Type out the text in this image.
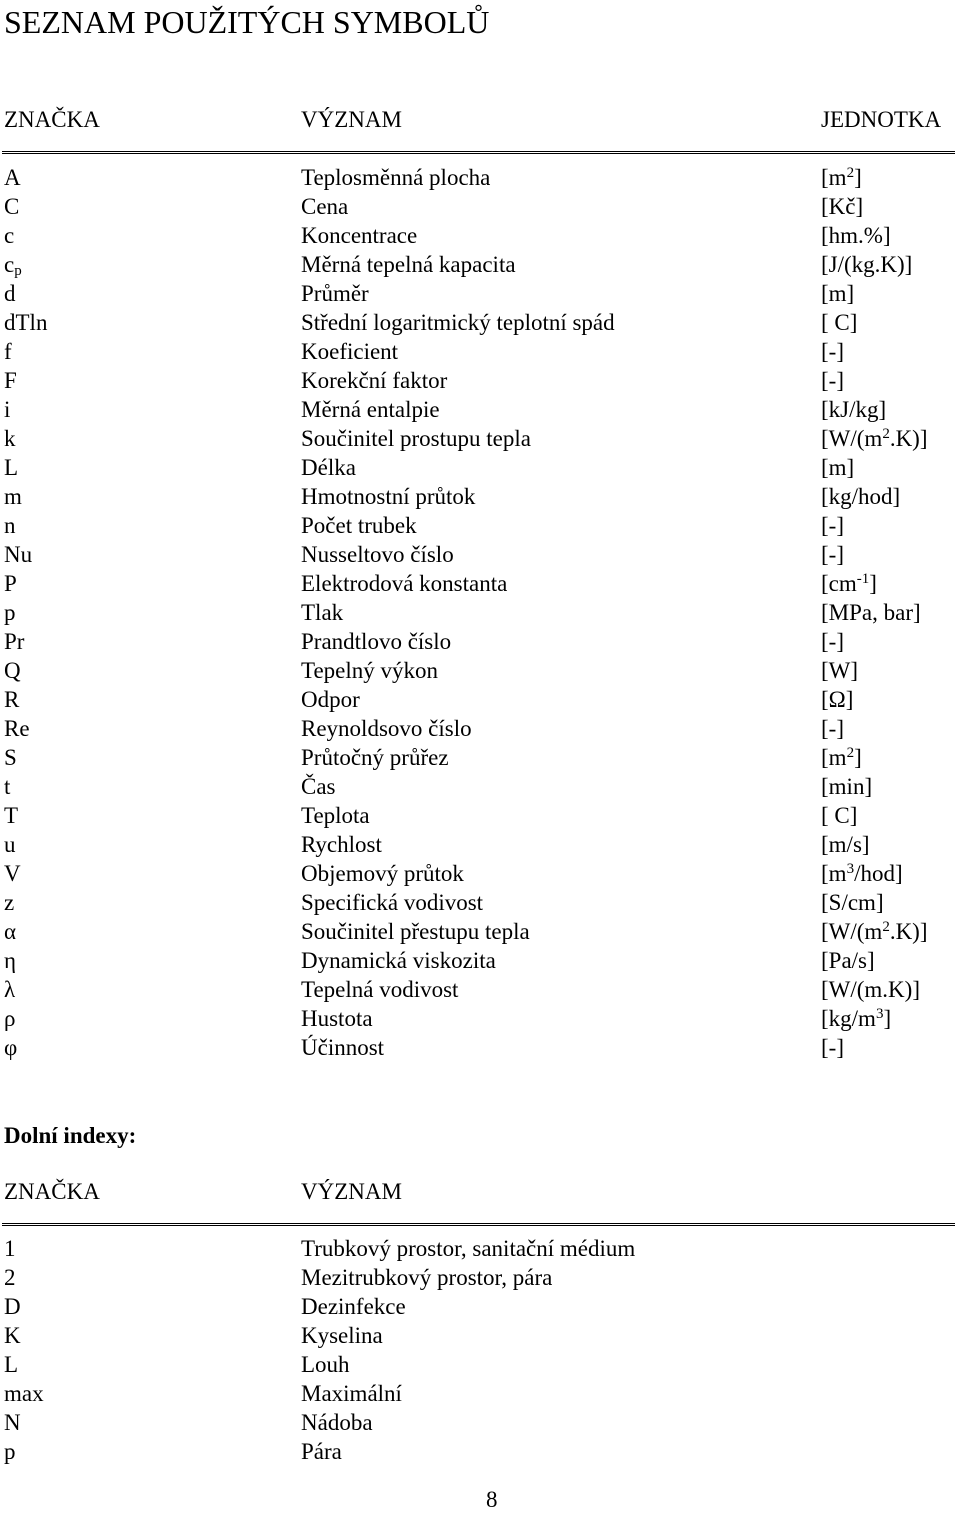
SEZNAM POUŽITÝCH SYMBOLŮ
ZNAČKA	VÝZNAM	JEDNOTKA
A	Teplosměnná plocha	$[m^2]$
C	Cena	[Kč]
c	Koncentrace	[hm.%]
$c_p$	Měrná tepelná kapacita	[J/(kg.K)]
d	Průměr	[m]
dTln	Střední logaritmický teplotní spád	[ C]
f	Koeficient	[-]
F	Korekční faktor	[-]
i	Měrná entalpie	[kJ/kg]
k	Součinitel prostupu tepla	$[W/(m^2.K)]$
L	Délka	[m]
m	Hmotnostní průtok	[kg/hod]
n	Počet trubek	[-]
Nu	Nusseltovo číslo	[-]
P	Elektrodová konstanta	$[cm^{-1}]$
p	Tlak	[MPa, bar]
Pr	Prandtlovo číslo	[-]
Q	Tepelný výkon	[W]
R	Odpor	[Ω]
Re	Reynoldsovo číslo	[-]
S	Průtočný průřez	$[m^2]$
t	Čas	[min]
T	Teplota	[ C]
u	Rychlost	[m/s]
V	Objemový průtok	$[m^3/hod]$
z	Specifická vodivost	[S/cm]
α	Součinitel přestupu tepla	$[W/(m^2.K)]$
η	Dynamická viskozita	[Pa/s]
λ	Tepelná vodivost	[W/(m.K)]
ρ	Hustota	$[kg/m^3]$
φ	Účinnost	[-]
Dolní indexy:
ZNAČKA	VÝZNAM
1	Trubkový prostor, sanitační médium
2	Mezitrubkový prostor, pára
D	Dezinfekce
K	Kyselina
L	Louh
max	Maximální
N	Nádoba
p	Pára
8
